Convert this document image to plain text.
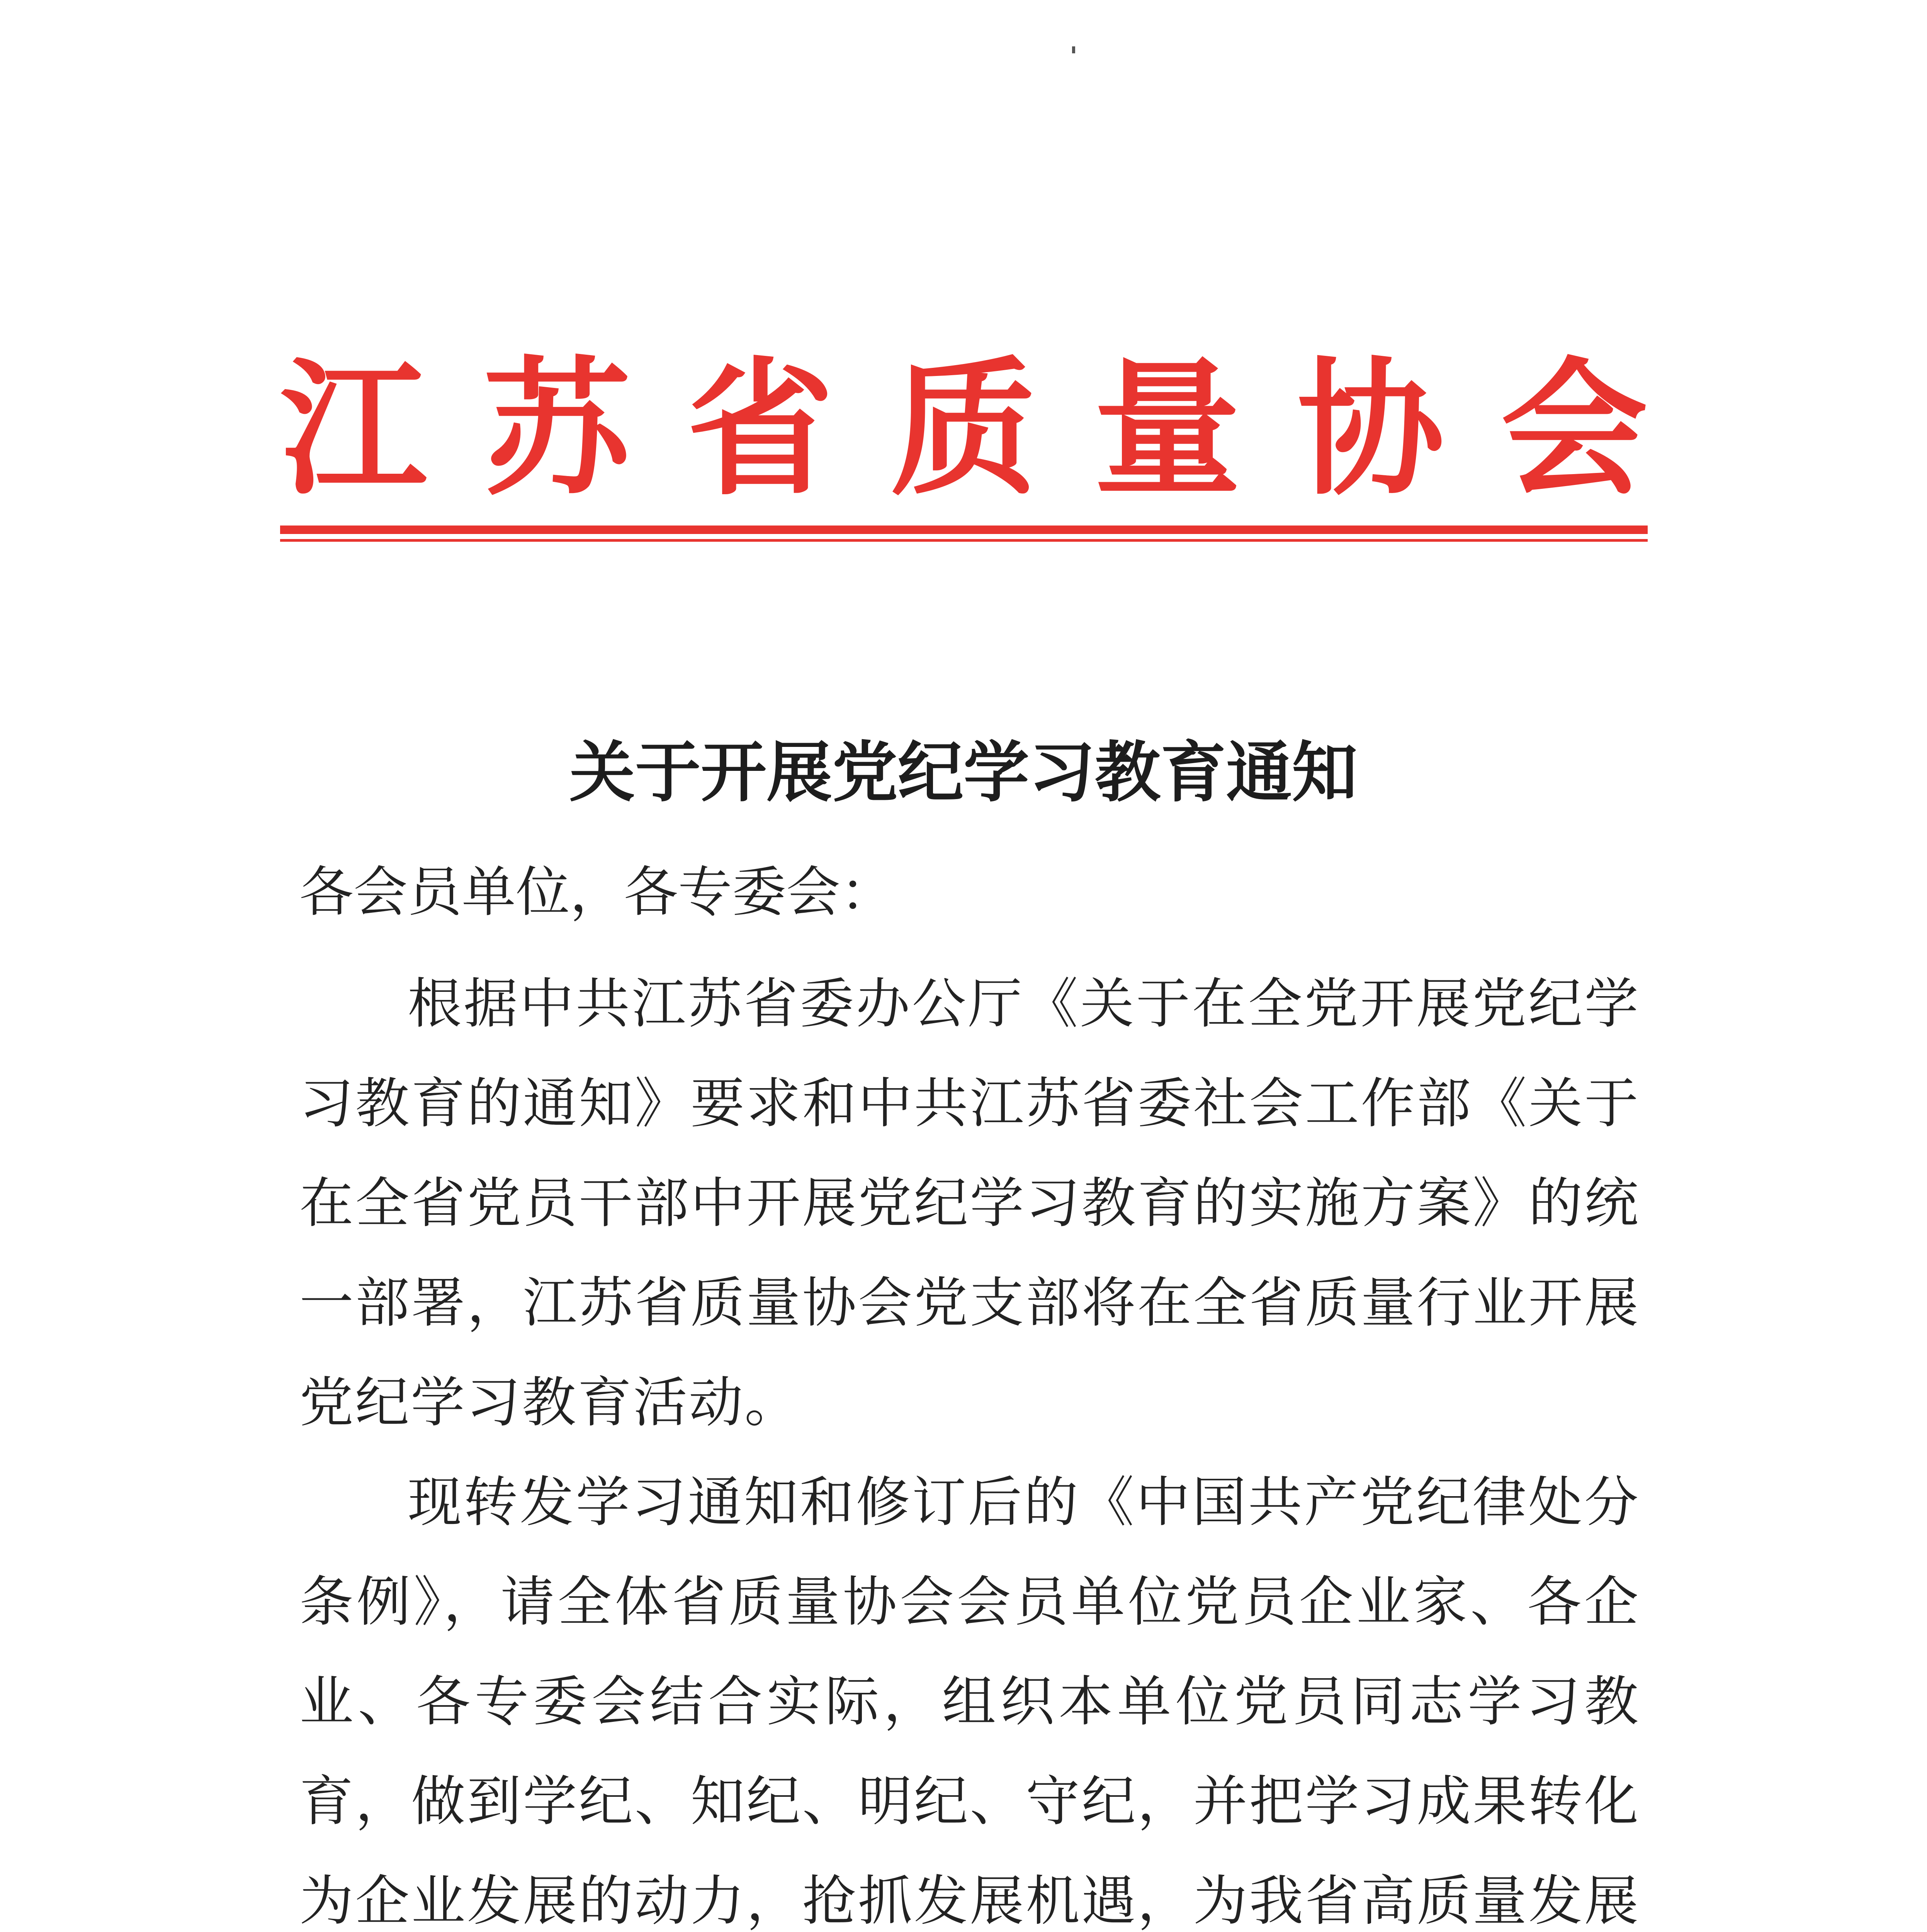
江 苏 省 质 量 协 会
关于开展党纪学习教育通知
各会员单位，各专委会：
根据中共江苏省委办公厅《关于在全党开展党纪学习教育的通知》要求和中共江苏省委社会工作部《关于在全省党员干部中开展党纪学习教育的实施方案》的统一部署，江苏省质量协会党支部将在全省质量行业开展党纪学习教育活动。
现转发学习通知和修订后的《中国共产党纪律处分条例》，请全体省质量协会会员单位党员企业家、各企业、各专委会结合实际，组织本单位党员同志学习教育，做到学纪、知纪、明纪、守纪，并把学习成果转化为企业发展的动力，抢抓发展机遇，为我省高质量发展
